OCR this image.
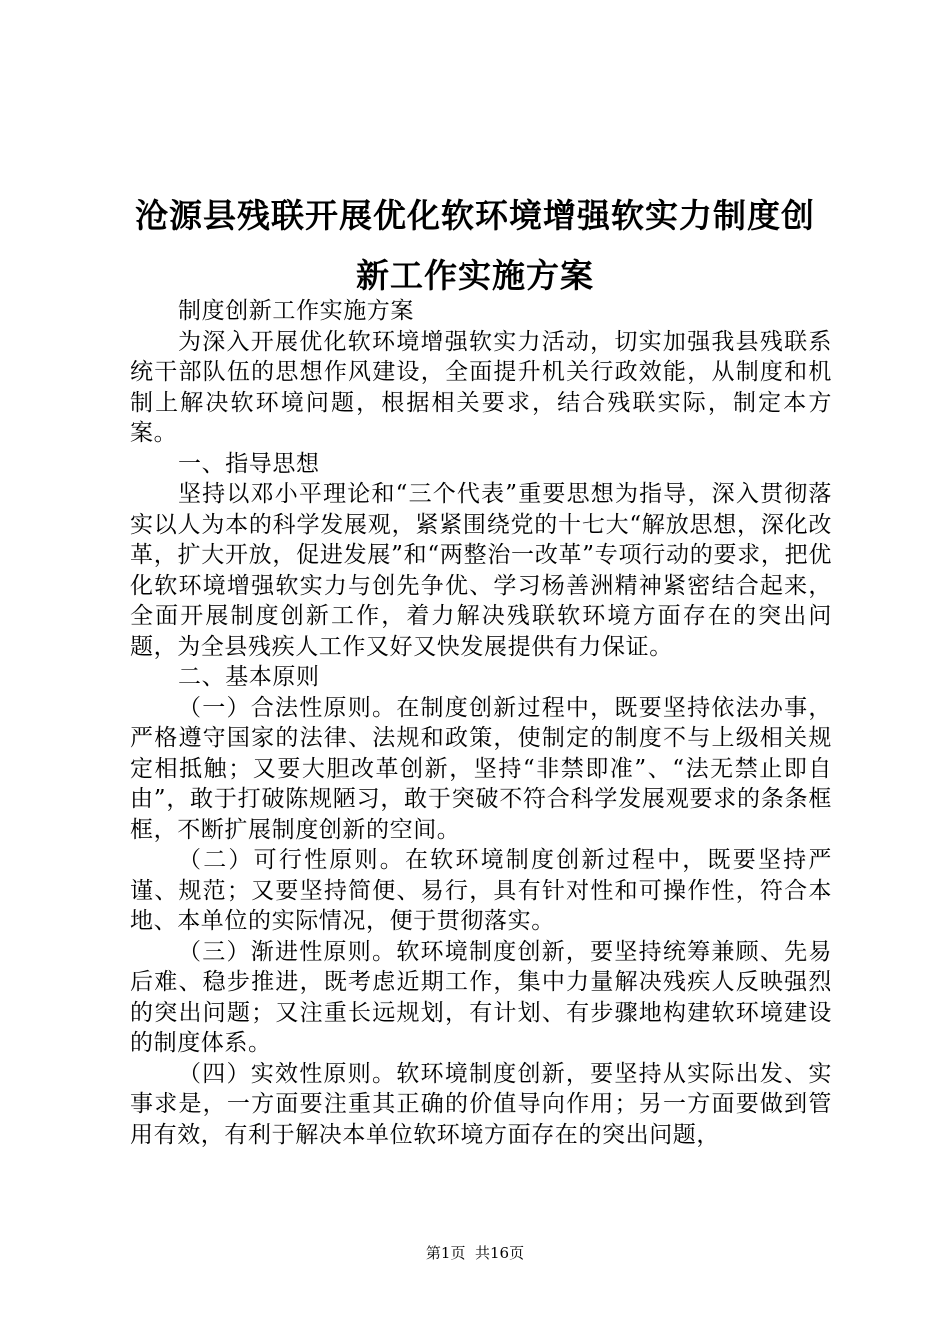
沧源县残联开展优化软环境增强软实力制度创新工作实施方案

制度创新工作实施方案

为深入开展优化软环境增强软实力活动，切实加强我县残联系统干部队伍的思想作风建设，全面提升机关行政效能，从制度和机制上解决软环境问题，根据相关要求，结合残联实际，制定本方案。

一、指导思想

坚持以邓小平理论和“三个代表”重要思想为指导，深入贯彻落实以人为本的科学发展观，紧紧围绕党的十七大“解放思想，深化改革，扩大开放，促进发展”和“两整治一改革”专项行动的要求，把优化软环境增强软实力与创先争优、学习杨善洲精神紧密结合起来，全面开展制度创新工作，着力解决残联软环境方面存在的突出问题，为全县残疾人工作又好又快发展提供有力保证。

二、基本原则

（一）合法性原则。在制度创新过程中，既要坚持依法办事，严格遵守国家的法律、法规和政策，使制定的制度不与上级相关规定相抵触；又要大胆改革创新，坚持“非禁即准”、“法无禁止即自由”，敢于打破陈规陋习，敢于突破不符合科学发展观要求的条条框框，不断扩展制度创新的空间。

（二）可行性原则。在软环境制度创新过程中，既要坚持严谨、规范；又要坚持简便、易行，具有针对性和可操作性，符合本地、本单位的实际情况，便于贯彻落实。

（三）渐进性原则。软环境制度创新，要坚持统筹兼顾、先易后难、稳步推进，既考虑近期工作，集中力量解决残疾人反映强烈的突出问题；又注重长远规划，有计划、有步骤地构建软环境建设的制度体系。

（四）实效性原则。软环境制度创新，要坚持从实际出发、实事求是，一方面要注重其正确的价值导向作用；另一方面要做到管用有效，有利于解决本单位软环境方面存在的突出问题，

第1页 共16页
